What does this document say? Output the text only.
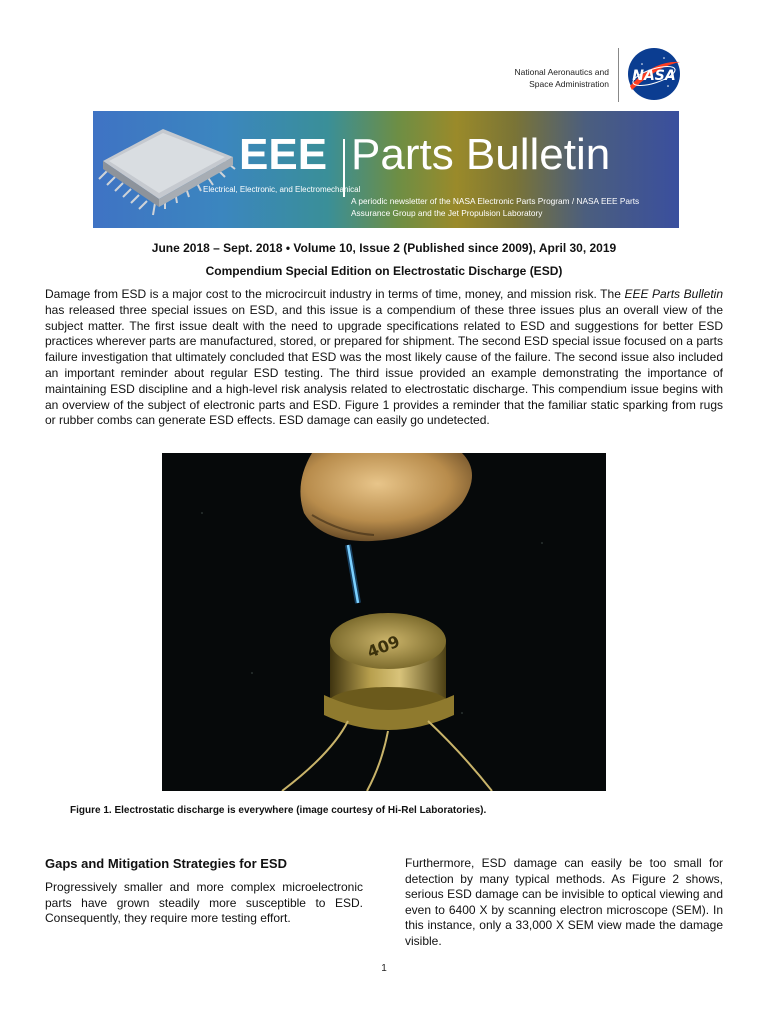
National Aeronautics and
Space Administration NASA
EEE Parts Bulletin
Electrical, Electronic, and Electromechanical
A periodic newsletter of the NASA Electronic Parts Program / NASA EEE Parts Assurance Group and the Jet Propulsion Laboratory
June 2018 – Sept. 2018 • Volume 10, Issue 2 (Published since 2009), April 30, 2019
Compendium Special Edition on Electrostatic Discharge (ESD)

Damage from ESD is a major cost to the microcircuit industry in terms of time, money, and mission risk. The EEE Parts Bulletin has released three special issues on ESD, and this issue is a compendium of these three issues plus an overall view of the subject matter. The first issue dealt with the need to upgrade specifications related to ESD and suggestions for better ESD practices wherever parts are manufactured, stored, or prepared for shipment. The second ESD special issue focused on a parts failure investigation that ultimately concluded that ESD was the most likely cause of the failure. The second issue also included an important reminder about regular ESD testing. The third issue provided an example demonstrating the importance of maintaining ESD discipline and a high-level risk analysis related to electrostatic discharge. This compendium issue begins with an overview of the subject of electronic parts and ESD. Figure 1 provides a reminder that the familiar static sparking from rugs or rubber combs can generate ESD effects. ESD damage can easily go undetected.

409
Figure 1. Electrostatic discharge is everywhere (image courtesy of Hi-Rel Laboratories).
Gaps and Mitigation Strategies for ESD

Progressively smaller and more complex microelectronic parts have grown steadily more susceptible to ESD. Consequently, they require more testing effort.

Furthermore, ESD damage can easily be too small for detection by many typical methods. As Figure 2 shows, serious ESD damage can be invisible to optical viewing and even to 6400 X by scanning electron microscope (SEM). In this instance, only a 33,000 X SEM view made the damage visible.

1
